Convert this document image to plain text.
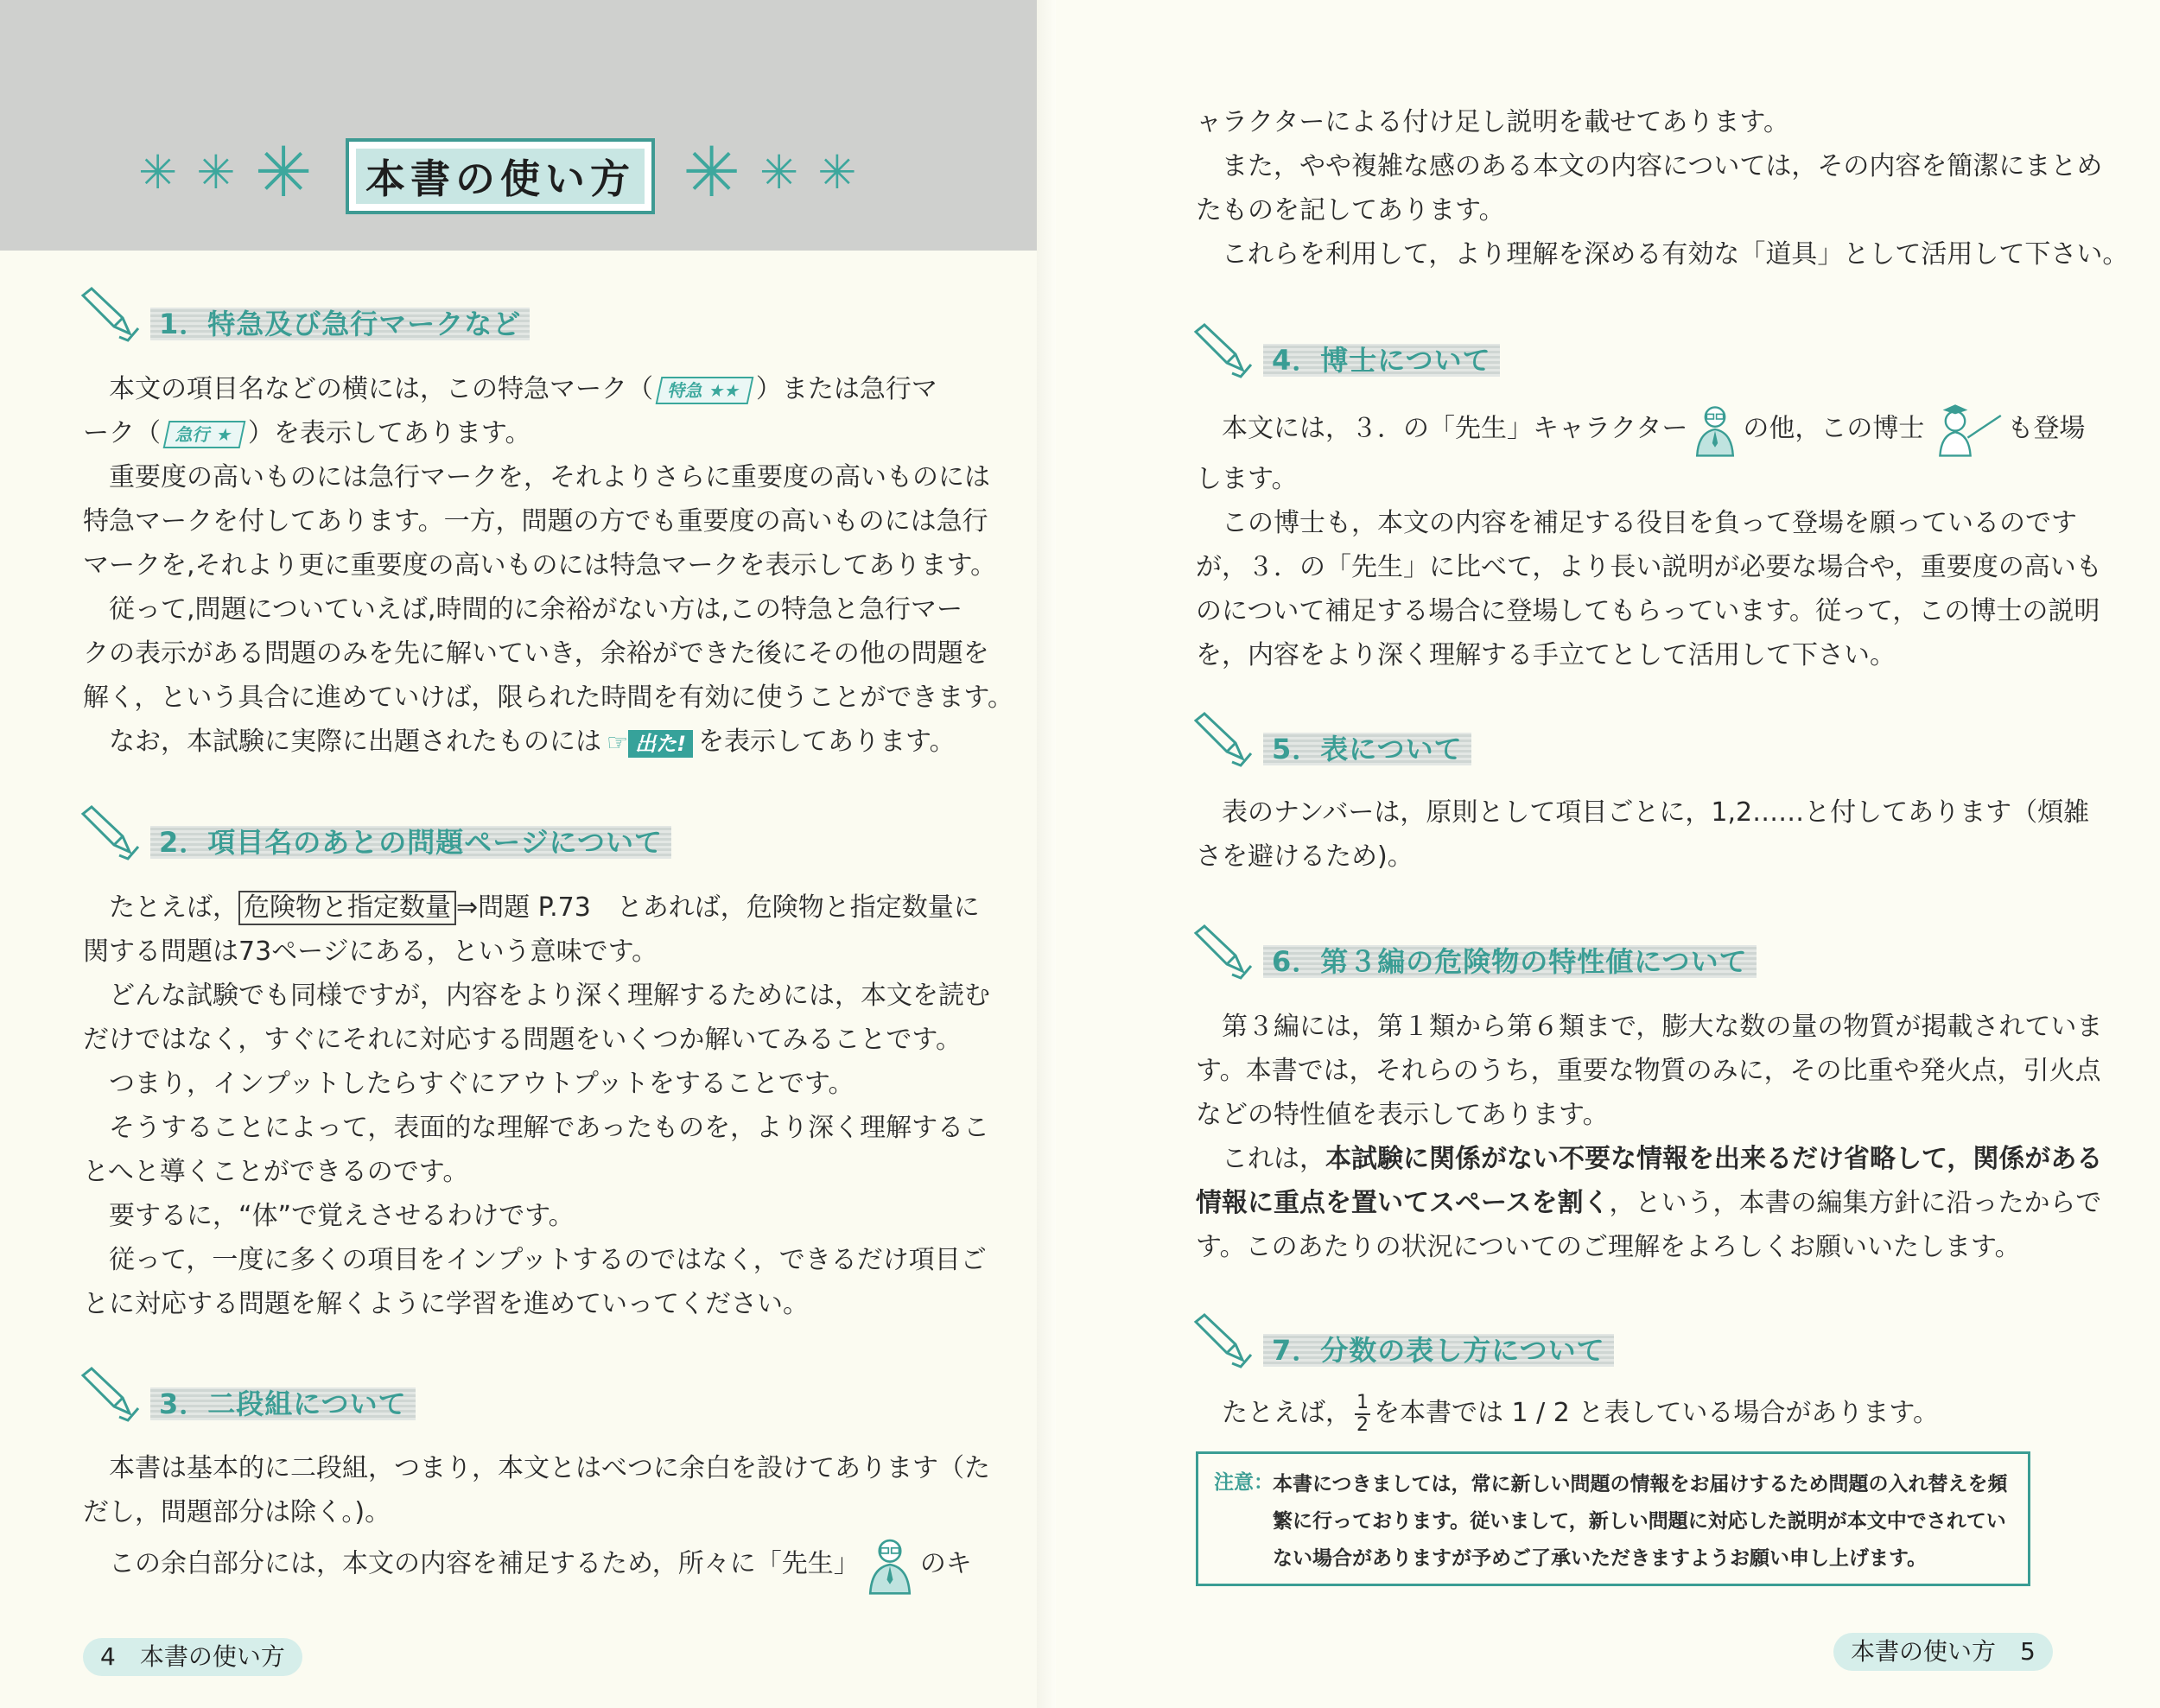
✳ ✳ ✳ 本書の使い方 ✳ ✳ ✳
1．特急及び急行マークなど
本文の項目名などの横には，この特急マーク（ 特急 ★★ ）または急行マ
ーク（ 急行 ★ ）を表示してあります。
重要度の高いものには急行マークを，それよりさらに重要度の高いものには
特急マークを付してあります。一方，問題の方でも重要度の高いものには急行
マークを,それより更に重要度の高いものには特急マークを表示してあります。
従って,問題についていえば,時間的に余裕がない方は,この特急と急行マー
クの表示がある問題のみを先に解いていき，余裕ができた後にその他の問題を
解く，という具合に進めていけば，限られた時間を有効に使うことができます。
なお，本試験に実際に出題されたものには ☞ 出た! を表示してあります。
2．項目名のあとの問題ページについて
たとえば， 危険物と指定数量 ⇒問題 P.73　とあれば，危険物と指定数量に
関する問題は73ページにある，という意味です。
どんな試験でも同様ですが，内容をより深く理解するためには，本文を読む
だけではなく，すぐにそれに対応する問題をいくつか解いてみることです。
つまり，インプットしたらすぐにアウトプットをすることです。
そうすることによって，表面的な理解であったものを，より深く理解するこ
とへと導くことができるのです。
要するに，“体”で覚えさせるわけです。
従って，一度に多くの項目をインプットするのではなく，できるだけ項目ご
とに対応する問題を解くように学習を進めていってください。
3．二段組について
本書は基本的に二段組，つまり，本文とはべつに余白を設けてあります（た
だし，問題部分は除く。)。
この余白部分には，本文の内容を補足するため，所々に「先生」 のキ
4　 本書の使い方
ャラクターによる付け足し説明を載せてあります。
また，やや複雑な感のある本文の内容については，その内容を簡潔にまとめ
たものを記してあります。
これらを利用して，より理解を深める有効な「道具」として活用して下さい。
4．博士について
本文には，３．の「先生」キャラクター の他，この博士	も登場
します。
この博士も，本文の内容を補足する役目を負って登場を願っているのです
が，３．の「先生」に比べて，より長い説明が必要な場合や，重要度の高いも
のについて補足する場合に登場してもらっています。従って，この博士の説明
を，内容をより深く理解する手立てとして活用して下さい。
5．表について
表のナンバーは，原則として項目ごとに，1,2……と付してあります（煩雑
さを避けるため)。
6．第３編の危険物の特性値について
第３編には，第１類から第６類まで，膨大な数の量の物質が掲載されていま
す。本書では，それらのうち，重要な物質のみに，その比重や発火点，引火点
などの特性値を表示してあります。
これは，本試験に関係がない不要な情報を出来るだけ省略して，関係がある
情報に重点を置いてスペースを割く，という，本書の編集方針に沿ったからで
す。このあたりの状況についてのご理解をよろしくお願いいたします。
7．分数の表し方について
たとえば， $\frac{1}{2}$ を本書では 1 / 2 と表している場合があります。
本書の使い方　 5
注意： 本書につきましては，常に新しい問題の情報をお届けするため問題の入れ替えを頻
繁に行っております。従いまして，新しい問題に対応した説明が本文中でされてい
ない場合がありますが予めご了承いただきますようお願い申し上げます。
